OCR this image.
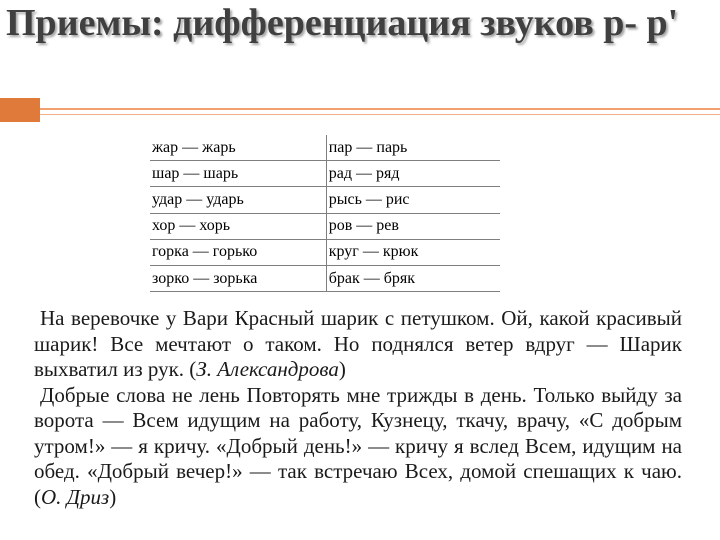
Приемы: дифференциация звуков р- р'
жар — жарь	пар — парь
шар — шарь	рад — ряд
удар — ударь	рысь — рис
хор — хорь	ров — рев
горка — горько	круг — крюк
зорко — зорька	брак — бряк

На веревочке у Вари Красный шарик с петушком. Ой, какой красивый шарик! Все мечтают о таком. Но поднялся ветер вдруг — Шарик выхватил из рук. (З. Александрова)

Добрые слова не лень Повторять мне трижды в день. Только выйду за ворота — Всем идущим на работу, Кузнецу, ткачу, врачу, «С добрым утром!» — я кричу. «Добрый день!» — кричу я вслед Всем, идущим на обед. «Добрый вечер!» — так встречаю Всех, домой спешащих к чаю. (О. Дриз)
